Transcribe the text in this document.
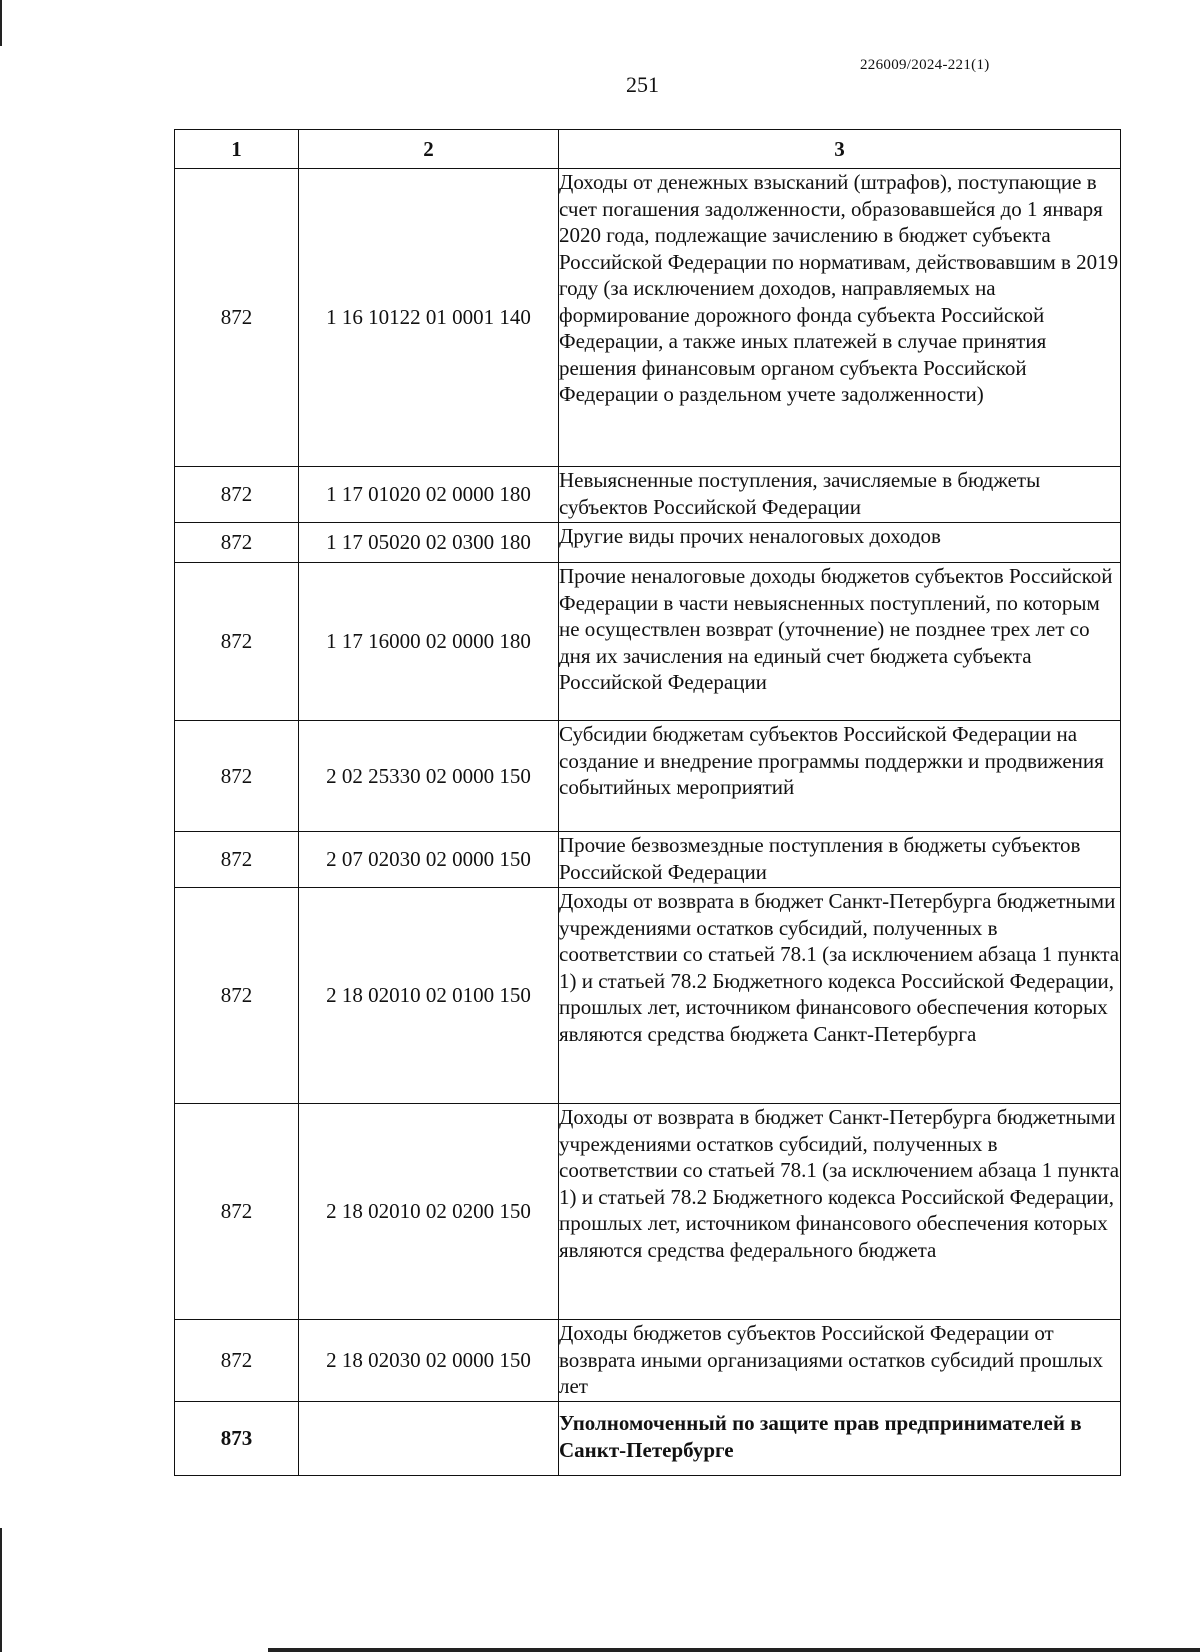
226009/2024-221(1)
251
1	2	3
872	1 16 10122 01 0001 140	Доходы от денежных взысканий (штрафов), поступающие в счет погашения задолженности, образовавшейся до 1 января 2020 года, подлежащие зачислению в бюджет субъекта Российской Федерации по нормативам, действовавшим в 2019 году (за исключением доходов, направляемых на формирование дорожного фонда субъекта Российской Федерации, а также иных платежей в случае принятия решения финансовым органом субъекта Российской Федерации о раздельном учете задолженности)
872	1 17 01020 02 0000 180	Невыясненные поступления, зачисляемые в бюджеты субъектов Российской Федерации
872	1 17 05020 02 0300 180	Другие виды прочих неналоговых доходов
872	1 17 16000 02 0000 180	Прочие неналоговые доходы бюджетов субъектов Российской Федерации в части невыясненных поступлений, по которым не осуществлен возврат (уточнение) не позднее трех лет со дня их зачисления на единый счет бюджета субъекта Российской Федерации
872	2 02 25330 02 0000 150	Субсидии бюджетам субъектов Российской Федерации на создание и внедрение программы поддержки и продвижения событийных мероприятий
872	2 07 02030 02 0000 150	Прочие безвозмездные поступления в бюджеты субъектов Российской Федерации
872	2 18 02010 02 0100 150	Доходы от возврата в бюджет Санкт-Петербурга бюджетными учреждениями остатков субсидий, полученных в соответствии со статьей 78.1 (за исключением абзаца 1 пункта 1) и статьей 78.2 Бюджетного кодекса Российской Федерации, прошлых лет, источником финансового обеспечения которых являются средства бюджета Санкт-Петербурга
872	2 18 02010 02 0200 150	Доходы от возврата в бюджет Санкт-Петербурга бюджетными учреждениями остатков субсидий, полученных в соответствии со статьей 78.1 (за исключением абзаца 1 пункта 1) и статьей 78.2 Бюджетного кодекса Российской Федерации, прошлых лет, источником финансового обеспечения которых являются средства федерального бюджета
872	2 18 02030 02 0000 150	Доходы бюджетов субъектов Российской Федерации от возврата иными организациями остатков субсидий прошлых лет
873		Уполномоченный по защите прав предпринимателей в Санкт-Петербурге
